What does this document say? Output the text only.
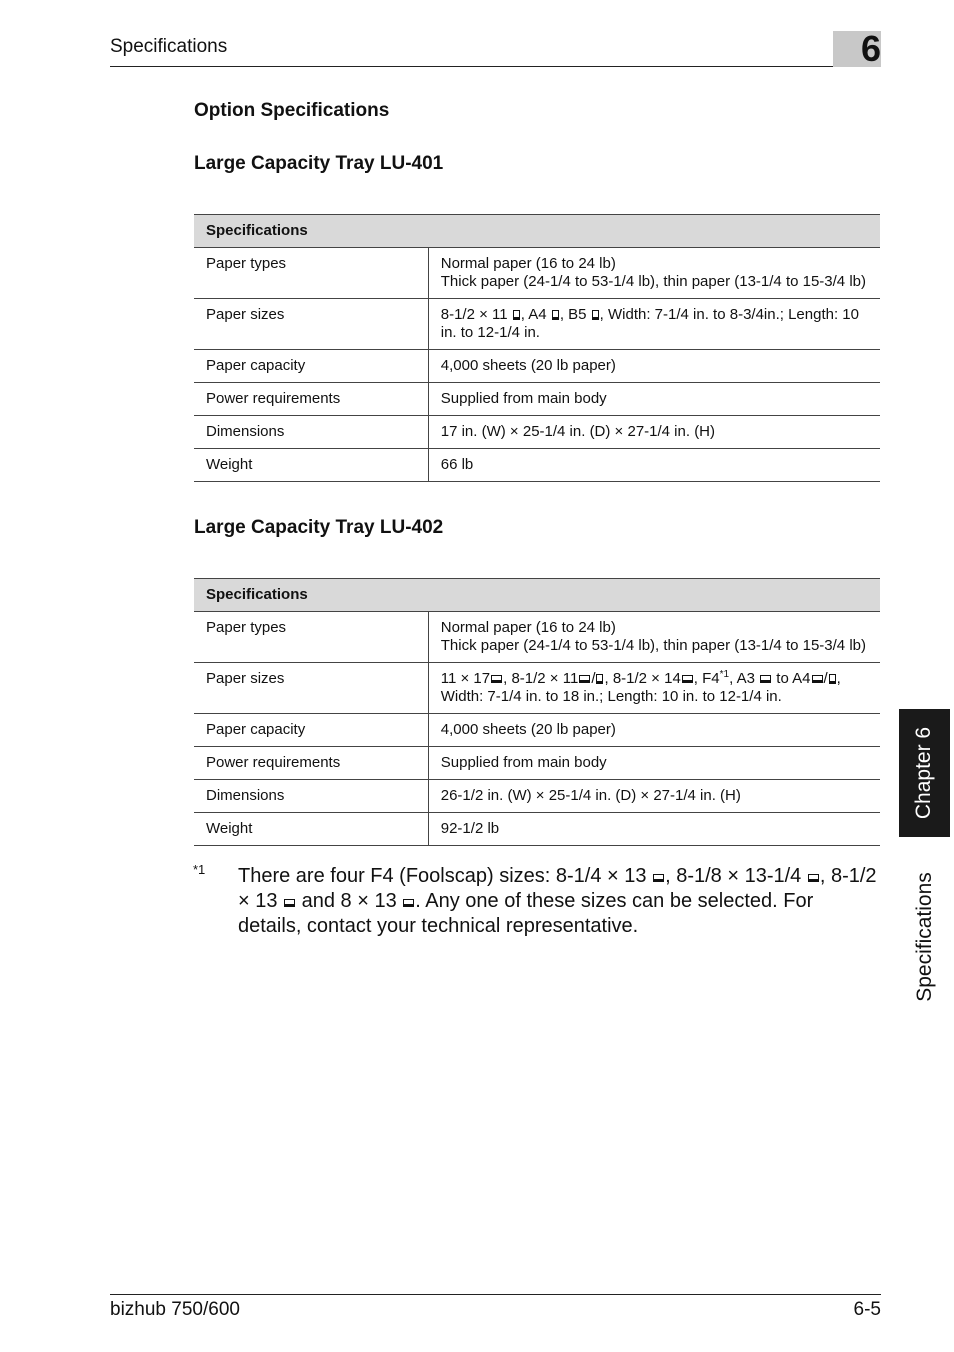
Specifications	6
Option Specifications
Large Capacity Tray LU-401
Specifications	
Paper types	Normal paper (16 to 24 lb)
Thick paper (24-1/4 to 53-1/4 lb), thin paper (13-1/4 to 15-3/4 lb)
Paper sizes	8-1/2 × 11 , A4 , B5 , Width: 7-1/4 in. to 8-3/4in.; Length: 10 in. to 12-1/4 in.
Paper capacity	4,000 sheets (20 lb paper)
Power requirements	Supplied from main body
Dimensions	17 in. (W) × 25-1/4 in. (D) × 27-1/4 in. (H)
Weight	66 lb
Large Capacity Tray LU-402
Specifications	
Paper types	Normal paper (16 to 24 lb)
Thick paper (24-1/4 to 53-1/4 lb), thin paper (13-1/4 to 15-3/4 lb)
Paper sizes	11 × 17 , 8-1/2 × 11 / , 8-1/2 × 14 , F4$^{*1}$, A3  to A4 / , Width: 7-1/4 in. to 18 in.; Length: 10 in. to 12-1/4 in.
Paper capacity	4,000 sheets (20 lb paper)
Power requirements	Supplied from main body
Dimensions	26-1/2 in. (W) × 25-1/4 in. (D) × 27-1/4 in. (H)
Weight	92-1/2 lb
*1 There are four F4 (Foolscap) sizes: 8-1/4 × 13 , 8-1/8 × 13-1/4 , 8-1/2 × 13  and 8 × 13 . Any one of these sizes can be selected. For details, contact your technical representative.
Chapter 6
Specifications
bizhub 750/600	6-5
